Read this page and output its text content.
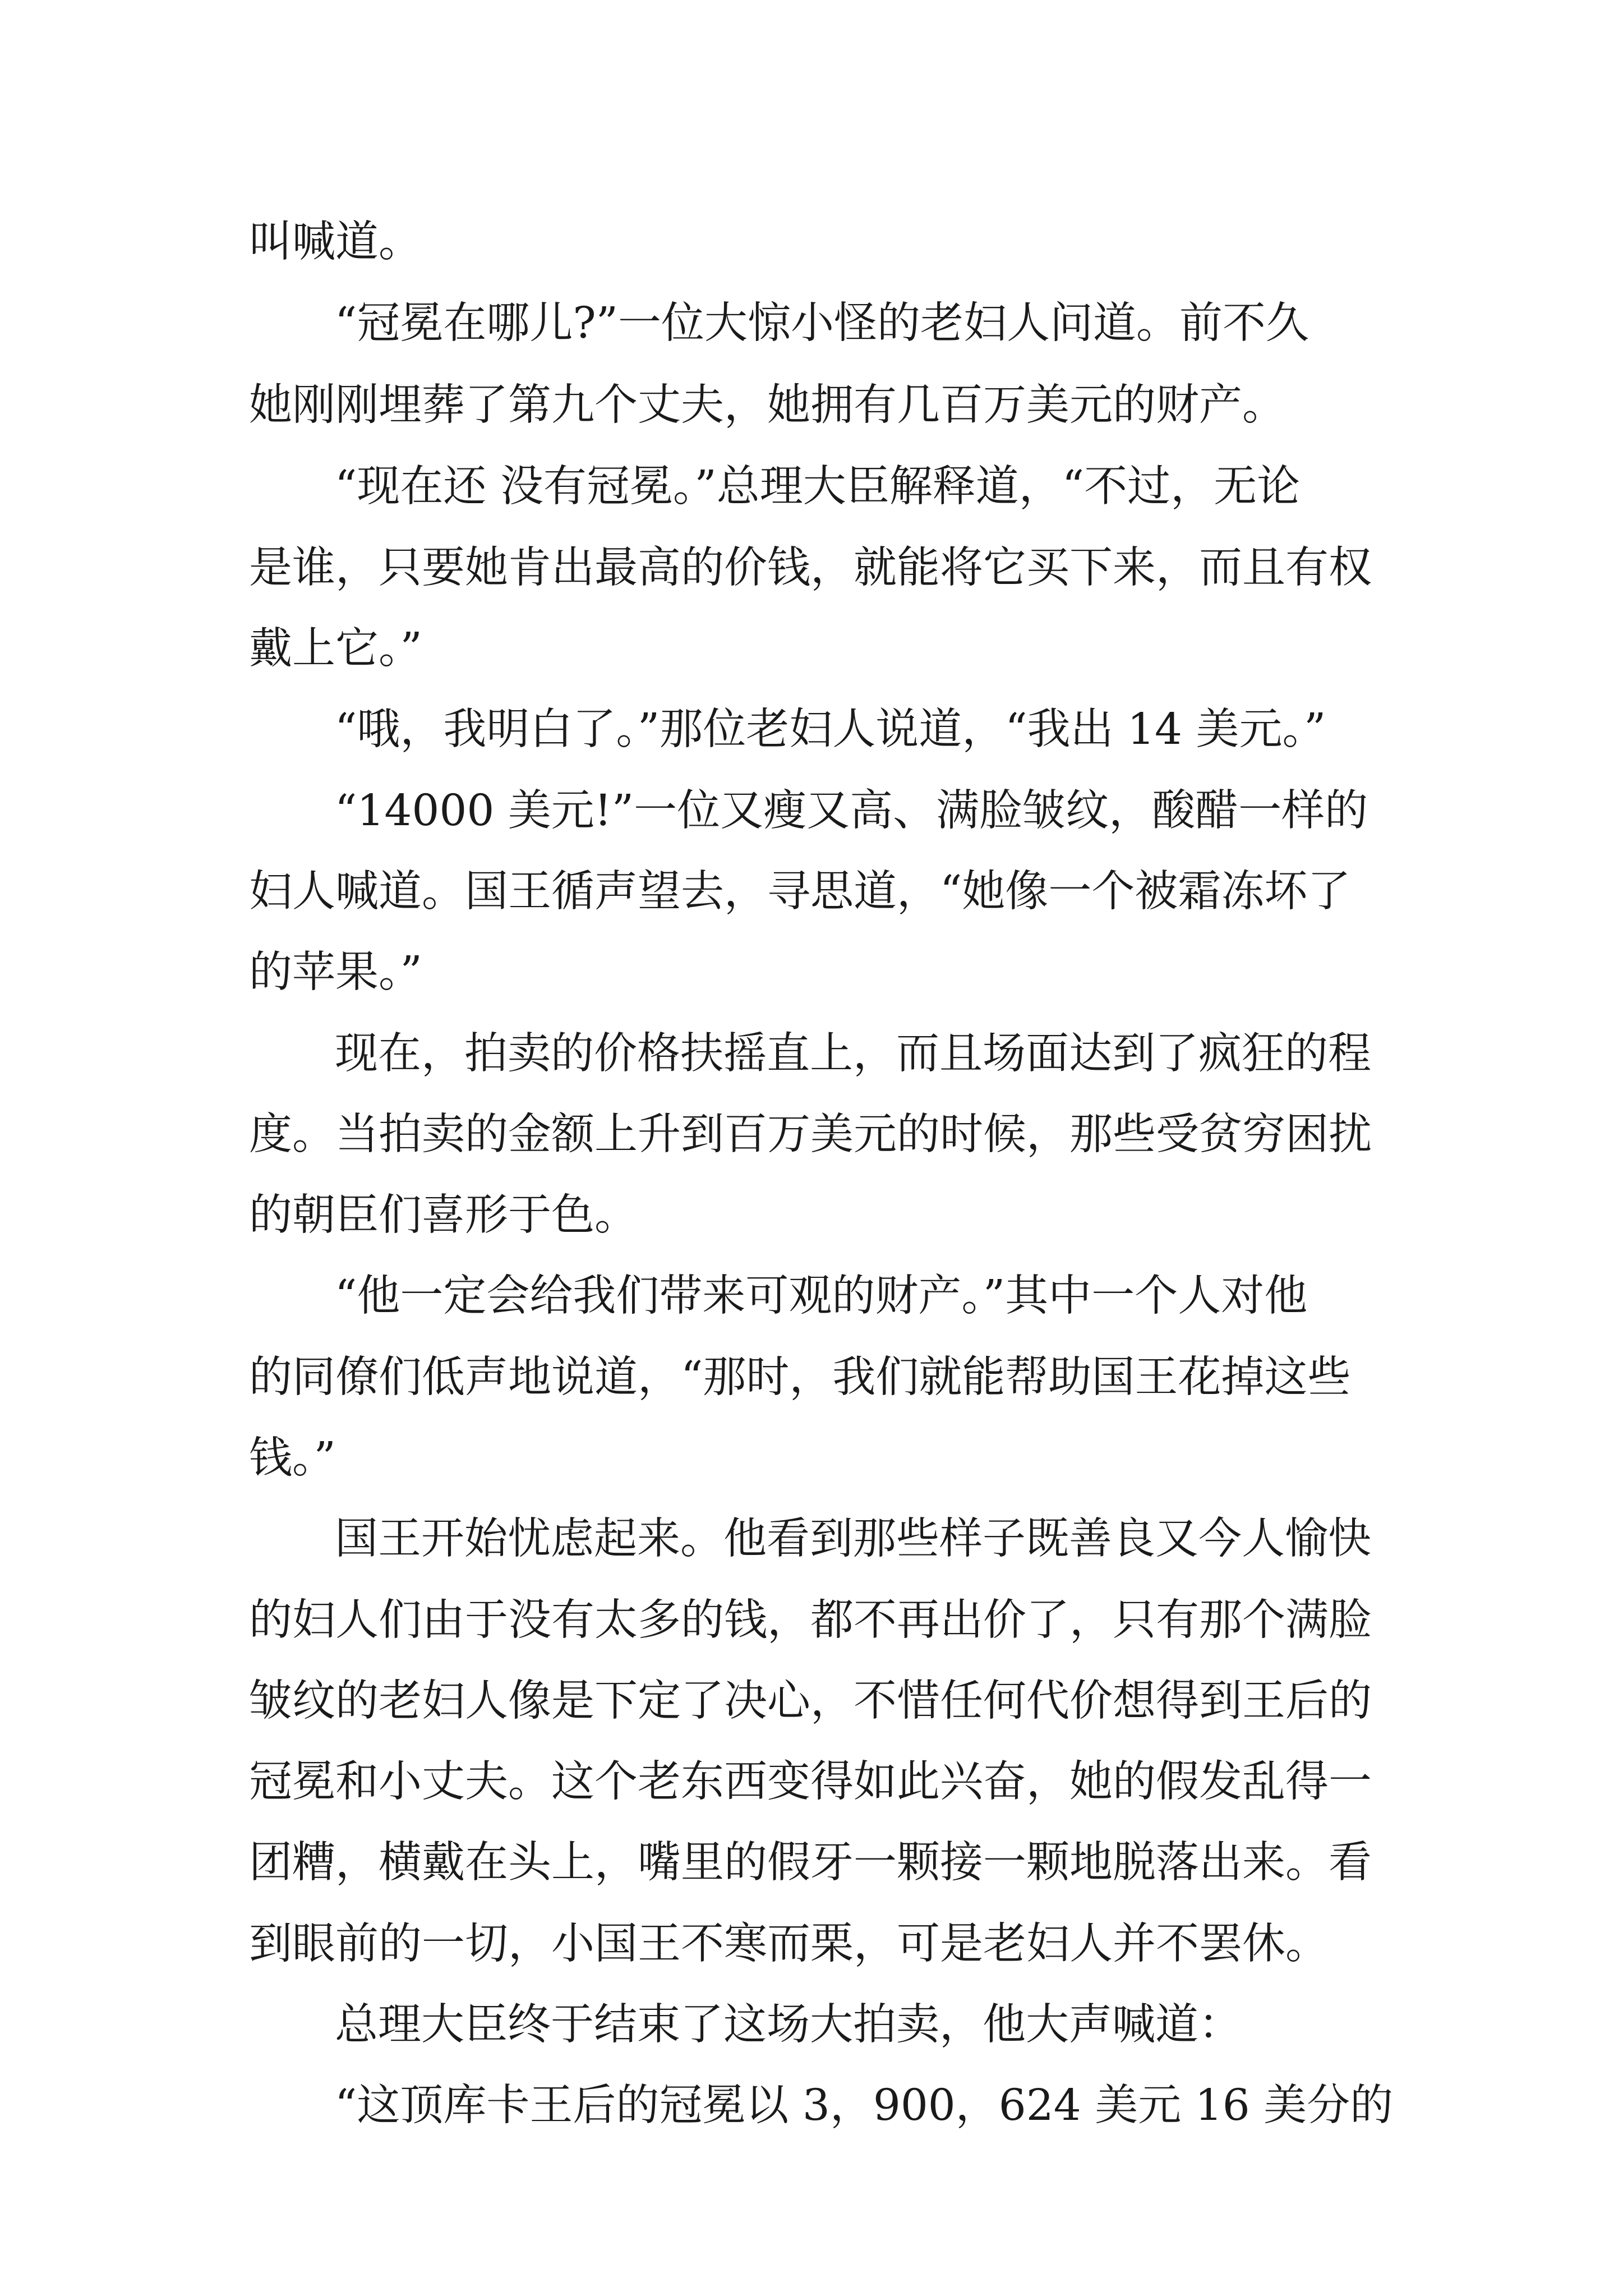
叫喊道。
“冠冕在哪儿?”一位大惊小怪的老妇人问道。前不久
她刚刚埋葬了第九个丈夫，她拥有几百万美元的财产。
“现在还 没有冠冕。”总理大臣解释道，“不过，无论
是谁，只要她肯出最高的价钱，就能将它买下来，而且有权
戴上它。”
“哦，我明白了。”那位老妇人说道，“我出 14 美元。”
“14000 美元!”一位又瘦又高、满脸皱纹，酸醋一样的
妇人喊道。国王循声望去，寻思道，“她像一个被霜冻坏了
的苹果。”
现在，拍卖的价格扶摇直上，而且场面达到了疯狂的程
度。当拍卖的金额上升到百万美元的时候，那些受贫穷困扰
的朝臣们喜形于色。
“他一定会给我们带来可观的财产。”其中一个人对他
的同僚们低声地说道，“那时，我们就能帮助国王花掉这些
钱。”
国王开始忧虑起来。他看到那些样子既善良又今人愉快
的妇人们由于没有太多的钱，都不再出价了，只有那个满脸
皱纹的老妇人像是下定了决心，不惜任何代价想得到王后的
冠冕和小丈夫。这个老东西变得如此兴奋，她的假发乱得一
团糟，横戴在头上，嘴里的假牙一颗接一颗地脱落出来。看
到眼前的一切，小国王不寒而栗，可是老妇人并不罢休。
总理大臣终于结束了这场大拍卖，他大声喊道：
“这顶库卡王后的冠冕以 3，900，624 美元 16 美分的
